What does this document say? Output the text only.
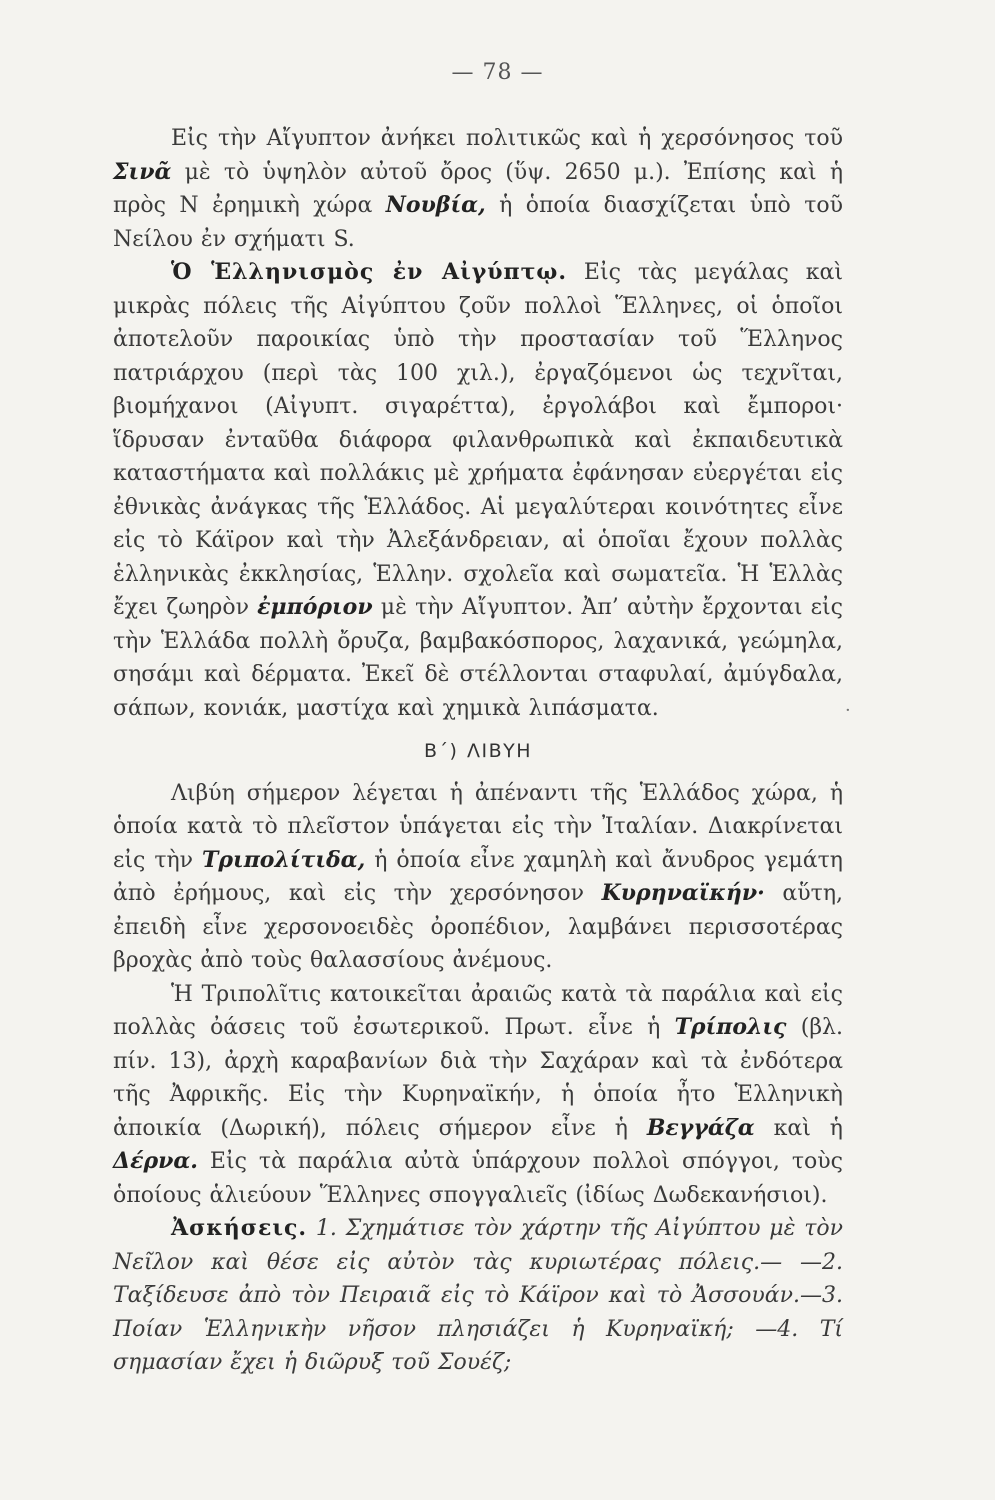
— 78 —

Εἰς τὴν Αἴγυπτον ἀνήκει πολιτικῶς καὶ ἡ χερσόνησος τοῦ Σινᾶ μὲ τὸ ὑψηλὸν αὐτοῦ ὄρος (ὕψ. 2650 μ.). Ἐπίσης καὶ ἡ πρὸς Ν ἐρημικὴ χώρα Νουβία, ἡ ὁποία διασχίζεται ὑπὸ τοῦ Νείλου ἐν σχήματι S.

Ὁ Ἑλληνισμὸς ἐν Αἰγύπτῳ. Εἰς τὰς μεγάλας καὶ μικρὰς πόλεις τῆς Αἰγύπτου ζοῦν πολλοὶ Ἕλληνες, οἱ ὁποῖοι ἀποτελοῦν παροικίας ὑπὸ τὴν προστασίαν τοῦ Ἕλληνος πατριάρχου (περὶ τὰς 100 χιλ.), ἐργαζόμενοι ὡς τεχνῖται, βιομήχανοι (Αἰγυπτ. σιγαρέττα), ἐργολάβοι καὶ ἔμποροι· ἵδρυσαν ἐνταῦθα διάφορα φιλανθρωπικὰ καὶ ἐκπαιδευτικὰ καταστήματα καὶ πολλάκις μὲ χρήματα ἐφάνησαν εὐεργέται εἰς ἐθνικὰς ἀνάγκας τῆς Ἑλλάδος. Αἱ μεγαλύτεραι κοινότητες εἶνε εἰς τὸ Κάϊρον καὶ τὴν Ἀλεξάνδρειαν, αἱ ὁποῖαι ἔχουν πολλὰς ἑλληνικὰς ἐκκλησίας, Ἑλλην. σχολεῖα καὶ σωματεῖα. Ἡ Ἑλλὰς ἔχει ζωηρὸν ἐμπόριον μὲ τὴν Αἴγυπτον. Ἀπ’ αὐτὴν ἔρχονται εἰς τὴν Ἑλλάδα πολλὴ ὄρυζα, βαμβακόσπορος, λαχανικά, γεώμηλα, σησάμι καὶ δέρματα. Ἐκεῖ δὲ στέλλονται σταφυλαί, ἀμύγδαλα, σάπων, κονιάκ, μαστίχα καὶ χημικὰ λιπάσματα.

Β΄) ΛΙΒΥΗ

Λιβύη σήμερον λέγεται ἡ ἀπέναντι τῆς Ἑλλάδος χώρα, ἡ ὁποία κατὰ τὸ πλεῖστον ὑπάγεται εἰς τὴν Ἰταλίαν. Διακρίνεται εἰς τὴν Τριπολίτιδα, ἡ ὁποία εἶνε χαμηλὴ καὶ ἄνυδρος γεμάτη ἀπὸ ἐρήμους, καὶ εἰς τὴν χερσόνησον Κυρηναϊκήν· αὕτη, ἐπειδὴ εἶνε χερσονοειδὲς ὀροπέδιον, λαμβάνει περισσοτέρας βροχὰς ἀπὸ τοὺς θαλασσίους ἀνέμους.

Ἡ Τριπολῖτις κατοικεῖται ἀραιῶς κατὰ τὰ παράλια καὶ εἰς πολλὰς ὀάσεις τοῦ ἐσωτερικοῦ. Πρωτ. εἶνε ἡ Τρίπολις (βλ. πίν. 13), ἀρχὴ καραβανίων διὰ τὴν Σαχάραν καὶ τὰ ἐνδότερα τῆς Ἀφρικῆς. Εἰς τὴν Κυρηναϊκήν, ἡ ὁποία ἦτο Ἑλληνικὴ ἀποικία (Δωρική), πόλεις σήμερον εἶνε ἡ Βεγγάζα καὶ ἡ Δέρνα. Εἰς τὰ παράλια αὐτὰ ὑπάρχουν πολλοὶ σπόγγοι, τοὺς ὁποίους ἁλιεύουν Ἕλληνες σπογγαλιεῖς (ἰδίως Δωδεκανήσιοι).

Ἀσκήσεις. 1. Σχημάτισε τὸν χάρτην τῆς Αἰγύπτου μὲ τὸν Νεῖλον καὶ θέσε εἰς αὐτὸν τὰς κυριωτέρας πόλεις.— —2. Ταξίδευσε ἀπὸ τὸν Πειραιᾶ εἰς τὸ Κάϊρον καὶ τὸ Ἀσσουάν.—3. Ποίαν Ἑλληνικὴν νῆσον πλησιάζει ἡ Κυρηναϊκή; —4. Τί σημασίαν ἔχει ἡ διῶρυξ τοῦ Σουέζ;

·
